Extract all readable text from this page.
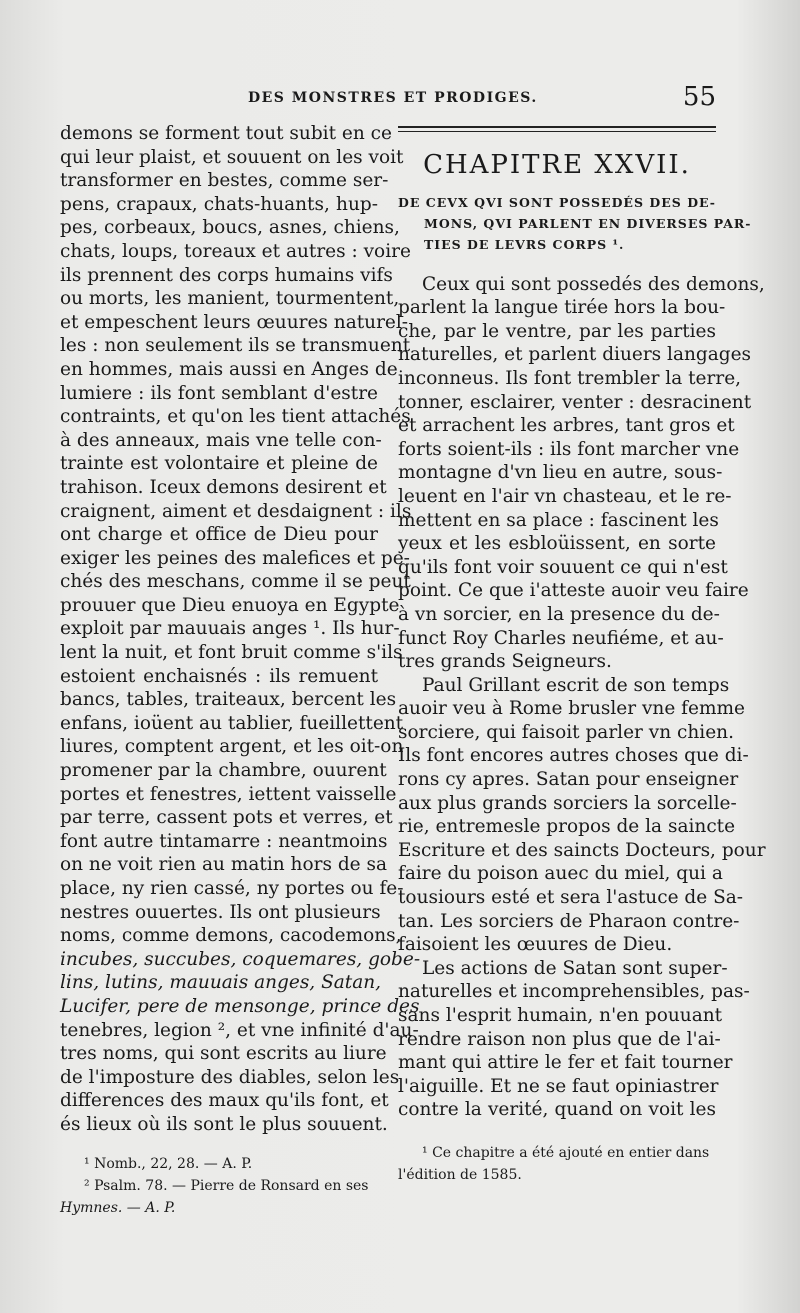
DES MONSTRES ET PRODIGES.	55
demons se forment tout subit en ce
qui leur plaist, et souuent on les voit
transformer en bestes, comme ser-
pens, crapaux, chats-huants, hup-
pes, corbeaux, boucs, asnes, chiens,
chats, loups, toreaux et autres : voire
ils prennent des corps humains vifs
ou morts, les manient, tourmentent,
et empeschent leurs œuures naturel-
les : non seulement ils se transmuent
en hommes, mais aussi en Anges de
lumiere : ils font semblant d'estre
contraints, et qu'on les tient attachés
à des anneaux, mais vne telle con-
trainte est volontaire et pleine de
trahison. Iceux demons desirent et
craignent, aiment et desdaignent : ils
ont charge et office de Dieu pour
exiger les peines des malefices et pe-
chés des meschans, comme il se peut
prouuer que Dieu enuoya en Egypte
exploit par mauuais anges ¹. Ils hur-
lent la nuit, et font bruit comme s'ils
estoient enchaisnés : ils remuent
bancs, tables, traiteaux, bercent les
enfans, ioüent au tablier, fueillettent
liures, comptent argent, et les oit-on
promener par la chambre, ouurent
portes et fenestres, iettent vaisselle
par terre, cassent pots et verres, et
font autre tintamarre : neantmoins
on ne voit rien au matin hors de sa
place, ny rien cassé, ny portes ou fe-
nestres ouuertes. Ils ont plusieurs
noms, comme demons, cacodemons,
incubes, succubes, coquemares, gobe-
lins, lutins, mauuais anges, Satan,
Lucifer, pere de mensonge, prince des
tenebres, legion ², et vne infinité d'au-
tres noms, qui sont escrits au liure
de l'imposture des diables, selon les
differences des maux qu'ils font, et
és lieux où ils sont le plus souuent.
¹ Nomb., 22, 28. — A. P.
² Psalm. 78. — Pierre de Ronsard en ses
Hymnes. — A. P.
CHAPITRE XXVII.
DE CEVX QVI SONT POSSEDÉS DES DE-
MONS, QVI PARLENT EN DIVERSES PAR-
TIES DE LEVRS CORPS ¹.
Ceux qui sont possedés des demons,
parlent la langue tirée hors la bou-
che, par le ventre, par les parties
naturelles, et parlent diuers langages
inconneus. Ils font trembler la terre,
tonner, esclairer, venter : desracinent
et arrachent les arbres, tant gros et
forts soient-ils : ils font marcher vne
montagne d'vn lieu en autre, sous-
leuent en l'air vn chasteau, et le re-
mettent en sa place : fascinent les
yeux et les esbloüissent, en sorte
qu'ils font voir souuent ce qui n'est
point. Ce que i'atteste auoir veu faire
à vn sorcier, en la presence du de-
funct Roy Charles neufiéme, et au-
tres grands Seigneurs.
Paul Grillant escrit de son temps
auoir veu à Rome brusler vne femme
sorciere, qui faisoit parler vn chien.
Ils font encores autres choses que di-
rons cy apres. Satan pour enseigner
aux plus grands sorciers la sorcelle-
rie, entremesle propos de la saincte
Escriture et des saincts Docteurs, pour
faire du poison auec du miel, qui a
tousiours esté et sera l'astuce de Sa-
tan. Les sorciers de Pharaon contre-
faisoient les œuures de Dieu.
Les actions de Satan sont super-
naturelles et incomprehensibles, pas-
sans l'esprit humain, n'en pouuant
rendre raison non plus que de l'ai-
mant qui attire le fer et fait tourner
l'aiguille. Et ne se faut opiniastrer
contre la verité, quand on voit les
¹ Ce chapitre a été ajouté en entier dans
l'édition de 1585.
